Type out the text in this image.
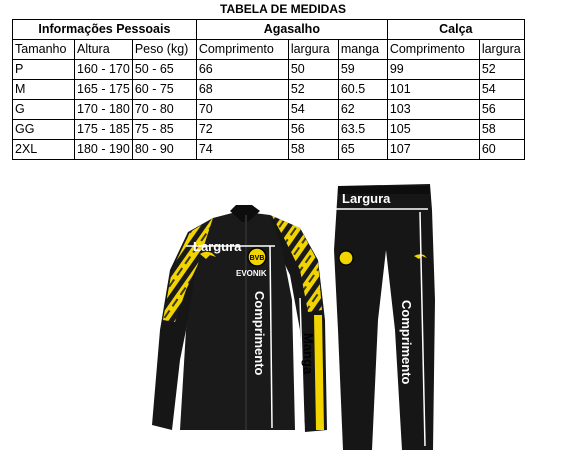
TABELA DE MEDIDAS
Informações Pessoais			Agasalho			Calça	
Tamanho	Altura	Peso (kg)	Comprimento	largura	manga	Comprimento	largura
P	160 - 170	50 - 65	66	50	59	99	52
M	165 - 175	60 - 75	68	52	60.5	101	54
G	170 - 180	70 - 80	70	54	62	103	56
GG	175 - 185	75 - 85	72	56	63.5	105	58
2XL	180 - 190	80 - 90	74	58	65	107	60
BVB
EVONIK
Largura
Comprimento	Manga
Largura
Comprimento
